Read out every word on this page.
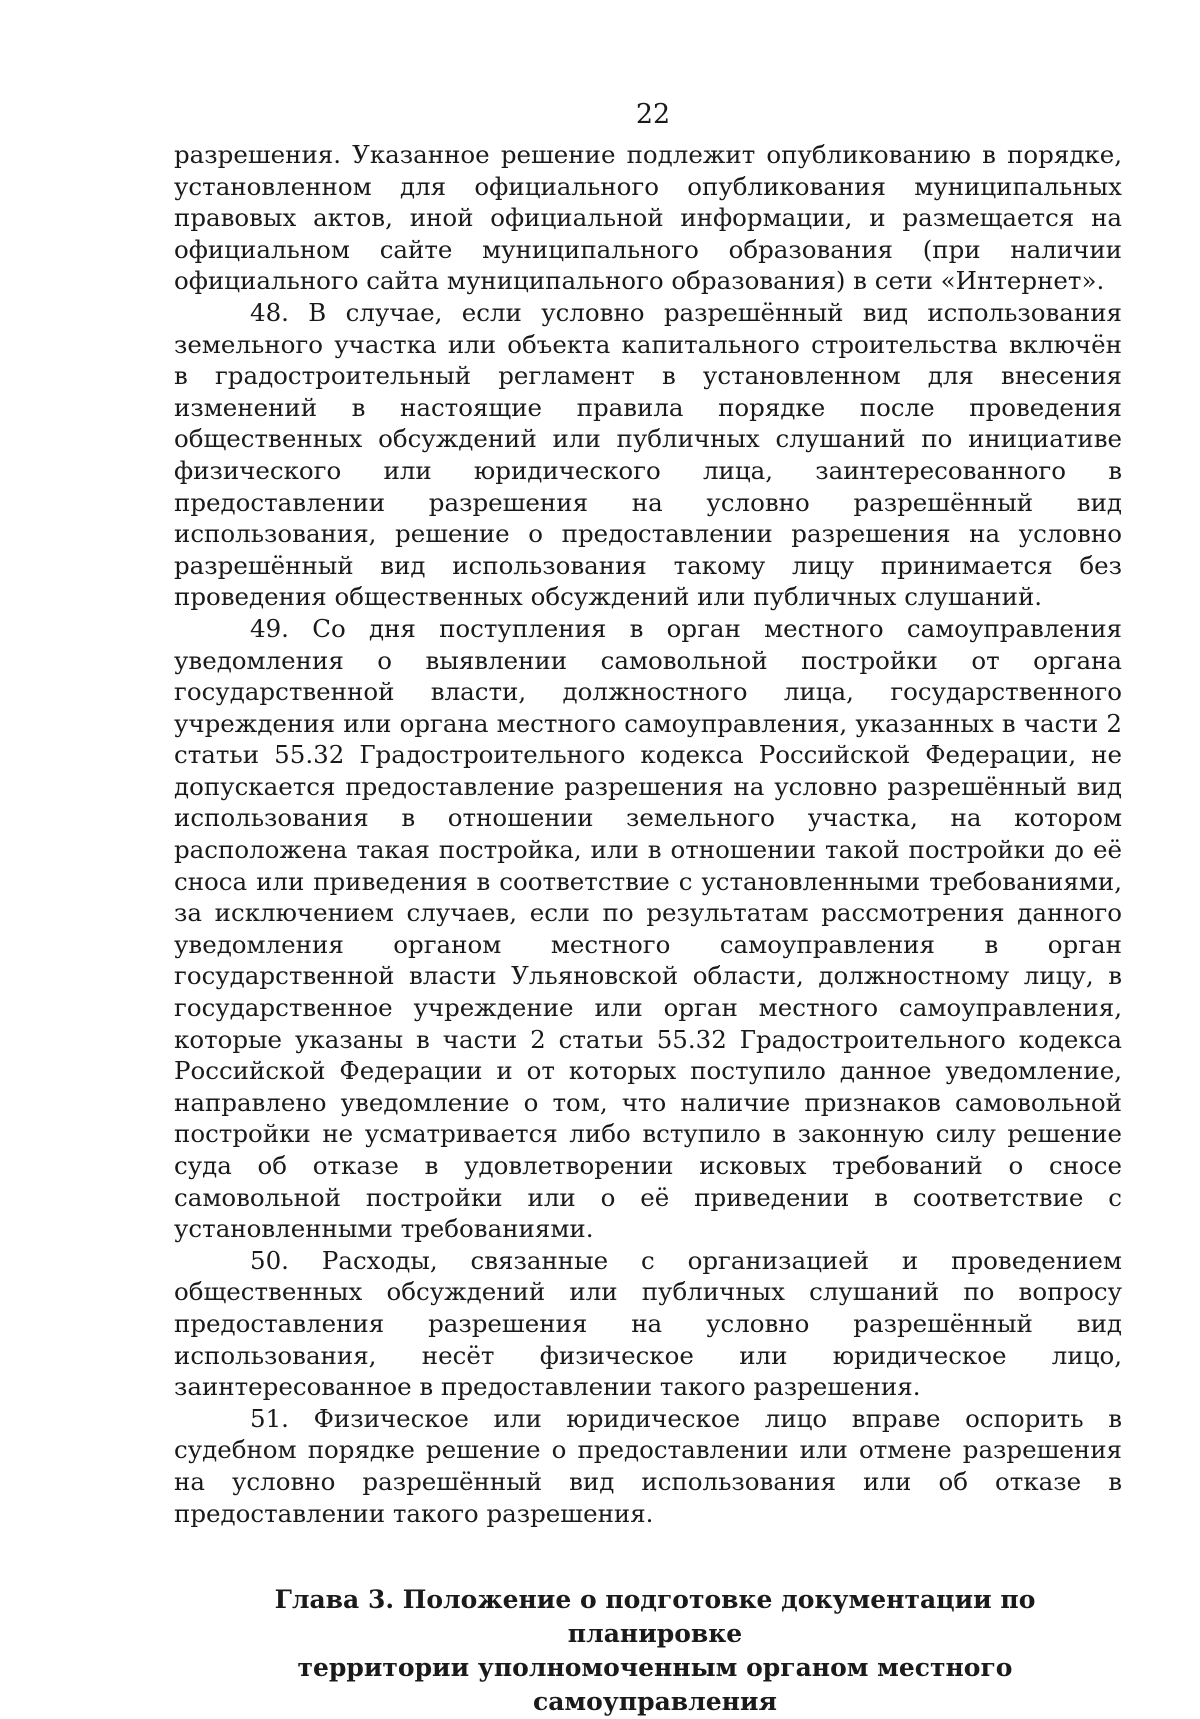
22

разрешения. Указанное решение подлежит опубликованию в порядке, установленном для официального опубликования муниципальных правовых актов, иной официальной информации, и размещается на официальном сайте муниципального образования (при наличии официального сайта муниципального образования) в сети «Интернет».

48. В случае, если условно разрешённый вид использования земельного участка или объекта капитального строительства включён в градостроительный регламент в установленном для внесения изменений в настоящие правила порядке после проведения общественных обсуждений или публичных слушаний по инициативе физического или юридического лица, заинтересованного в предоставлении разрешения на условно разрешённый вид использования, решение о предоставлении разрешения на условно разрешённый вид использования такому лицу принимается без проведения общественных обсуждений или публичных слушаний.

49. Со дня поступления в орган местного самоуправления уведомления о выявлении самовольной постройки от органа государственной власти, должностного лица, государственного учреждения или органа местного самоуправления, указанных в части 2 статьи 55.32 Градостроительного кодекса Российской Федерации, не допускается предоставление разрешения на условно разрешённый вид использования в отношении земельного участка, на котором расположена такая постройка, или в отношении такой постройки до её сноса или приведения в соответствие с установленными требованиями, за исключением случаев, если по результатам рассмотрения данного уведомления органом местного самоуправления в орган государственной власти Ульяновской области, должностному лицу, в государственное учреждение или орган местного самоуправления, которые указаны в части 2 статьи 55.32 Градостроительного кодекса Российской Федерации и от которых поступило данное уведомление, направлено уведомление о том, что наличие признаков самовольной постройки не усматривается либо вступило в законную силу решение суда об отказе в удовлетворении исковых требований о сносе самовольной постройки или о её приведении в соответствие с установленными требованиями.

50. Расходы, связанные с организацией и проведением общественных обсуждений или публичных слушаний по вопросу предоставления разрешения на условно разрешённый вид использования, несёт физическое или юридическое лицо, заинтересованное в предоставлении такого разрешения.

51. Физическое или юридическое лицо вправе оспорить в судебном порядке решение о предоставлении или отмене разрешения на условно разрешённый вид использования или об отказе в предоставлении такого разрешения.

Глава 3. Положение о подготовке документации по планировке
территории уполномоченным органом местного самоуправления
